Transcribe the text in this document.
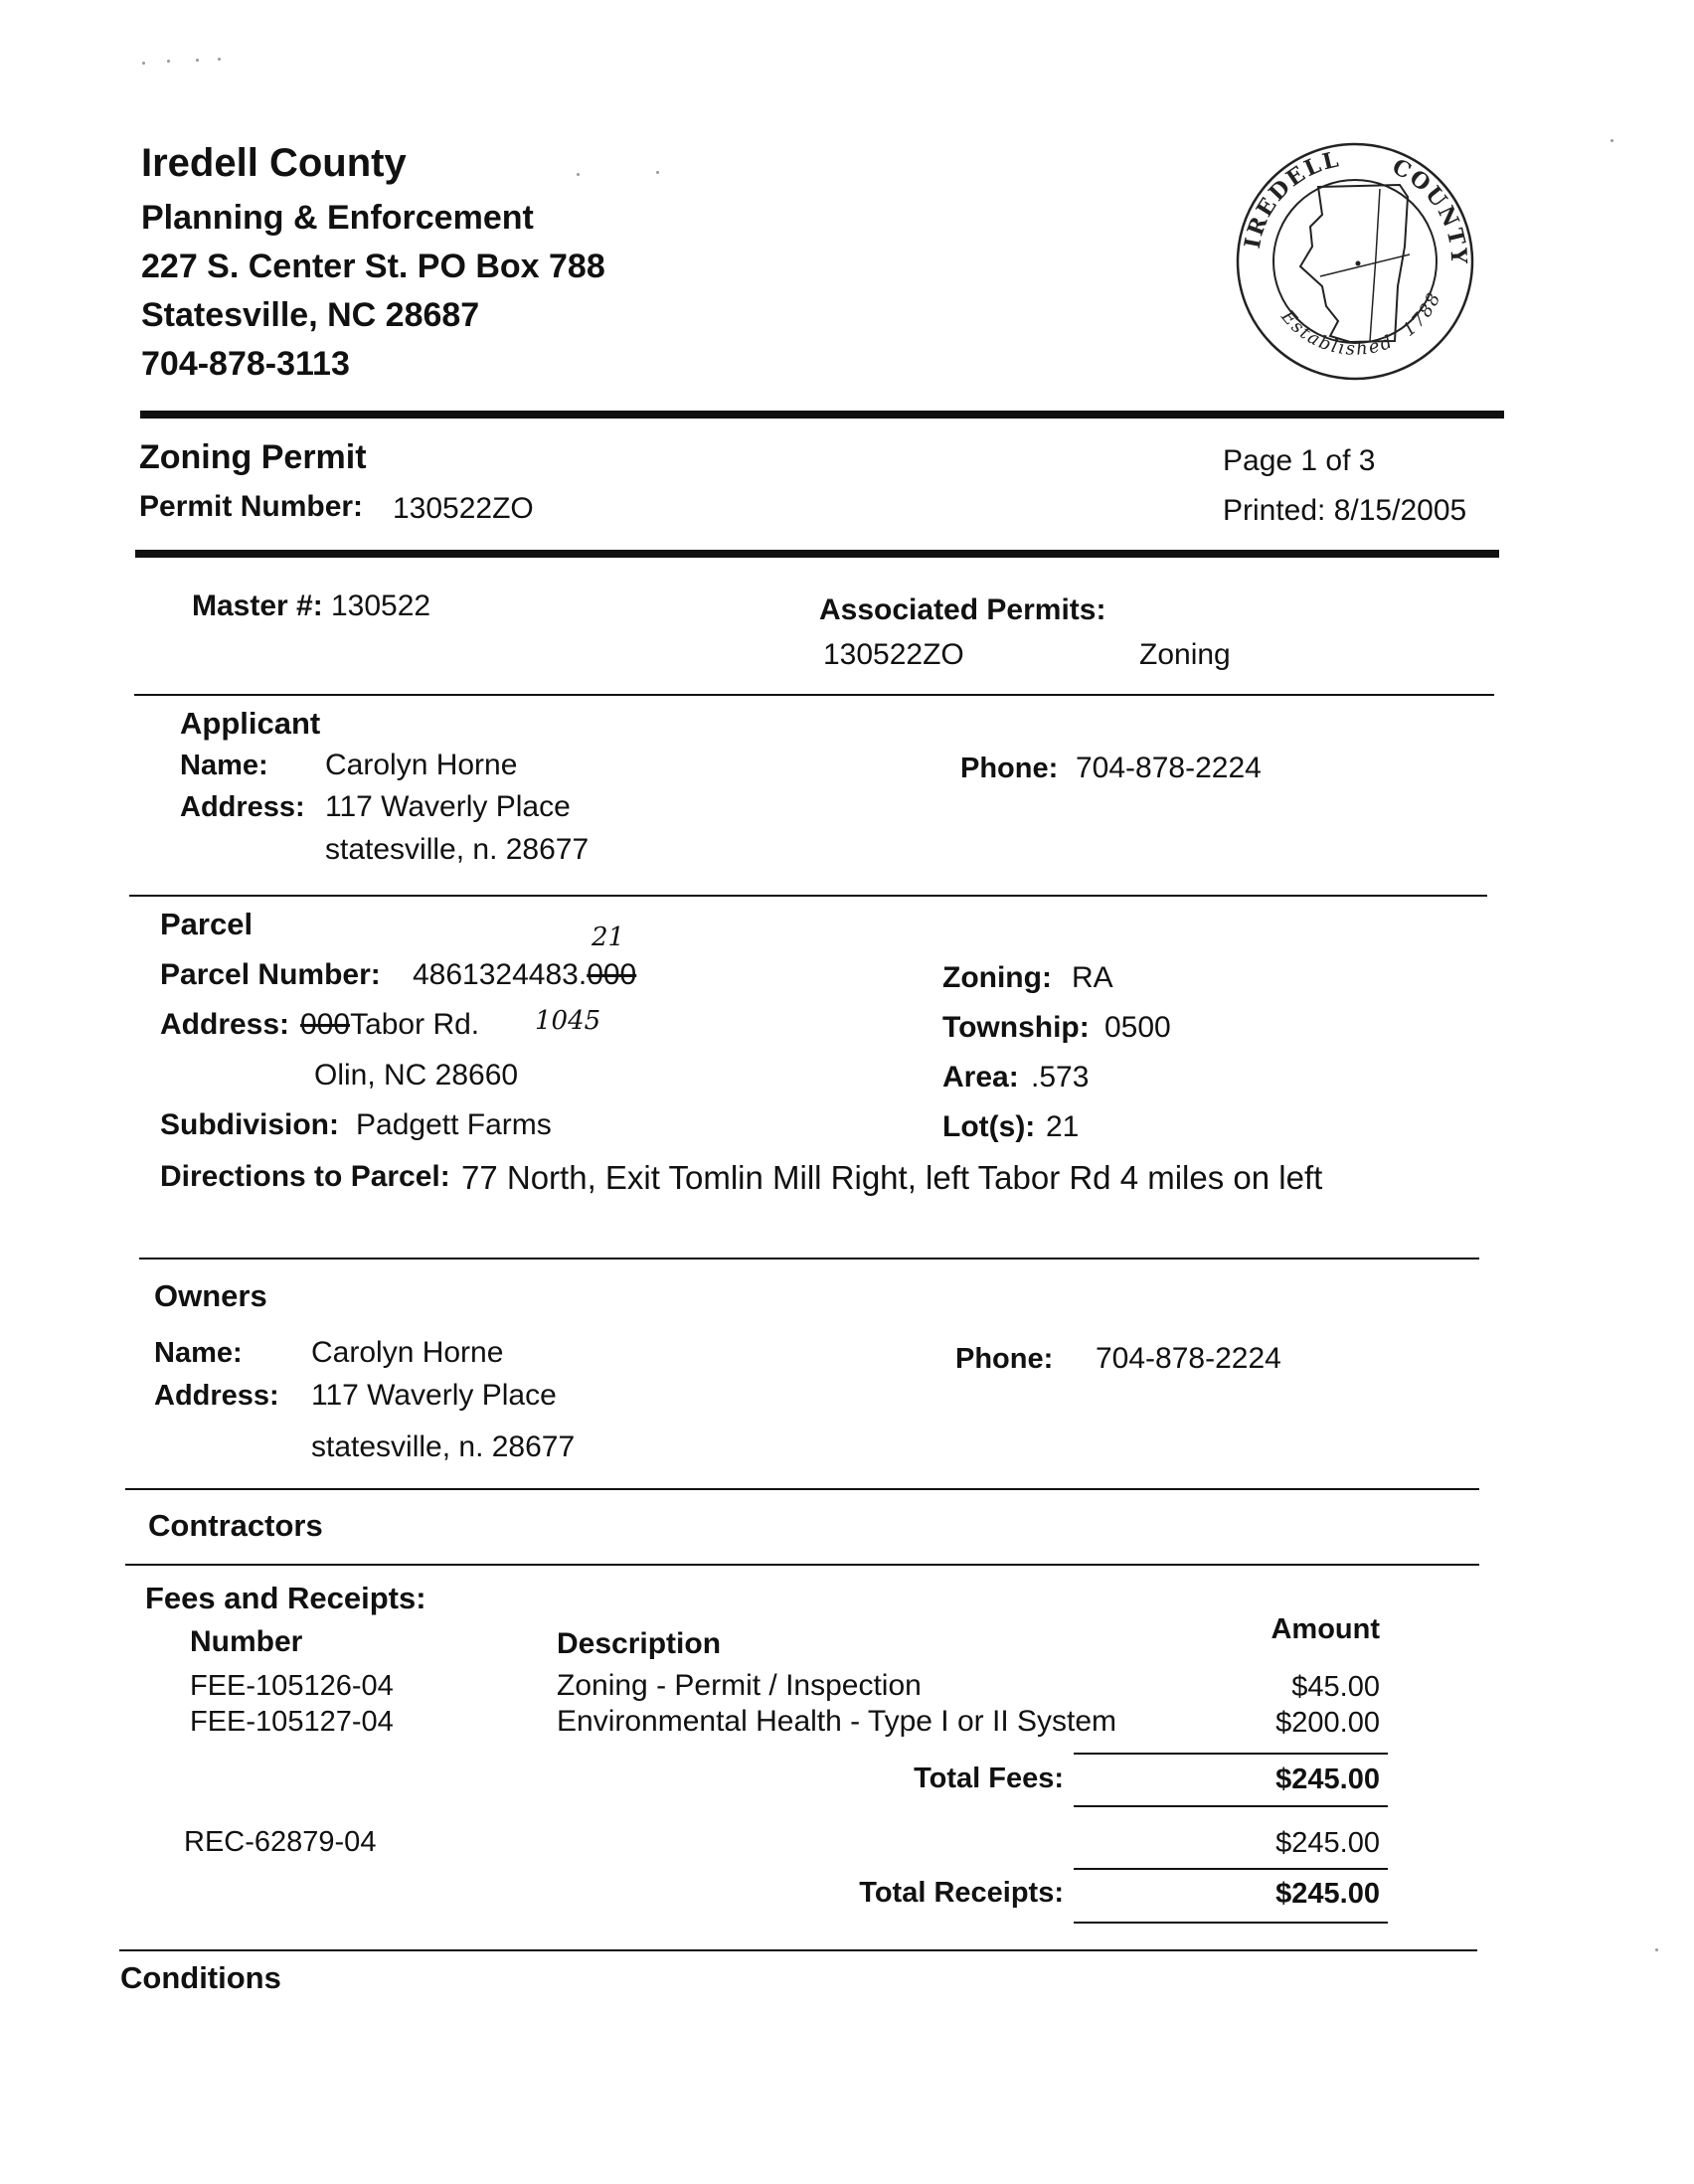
Iredell County
Planning & Enforcement
227 S. Center St. PO Box 788
Statesville, NC 28687
704-878-3113
IREDELL COUNTY
Established
1788
Zoning Permit
Permit Number: 130522ZO
Page 1 of 3
Printed: 8/15/2005
Master #: 130522	Associated Permits:
130522ZO	Zoning
Applicant
Name: Carolyn Horne
Address: 117 Waverly Place
statesville, n. 28677
Phone: 704-878-2224
Parcel	21
Parcel Number: 4861324483.000
Address: 000Tabor Rd. 1045
Olin, NC 28660
Subdivision: Padgett Farms
Zoning: RA
Township: 0500
Area: .573
Lot(s): 21
Directions to Parcel: 77 North, Exit Tomlin Mill Right, left Tabor Rd 4 miles on left
Owners
Name: Carolyn Horne
Address: 117 Waverly Place
statesville, n. 28677
Phone: 704-878-2224
Contractors
Fees and Receipts:
Number	Description	Amount
FEE-105126-04	Zoning - Permit / Inspection	$45.00
FEE-105127-04	Environmental Health - Type I or II System	$200.00
Total Fees:	$245.00
REC-62879-04	$245.00
Total Receipts:	$245.00
Conditions
